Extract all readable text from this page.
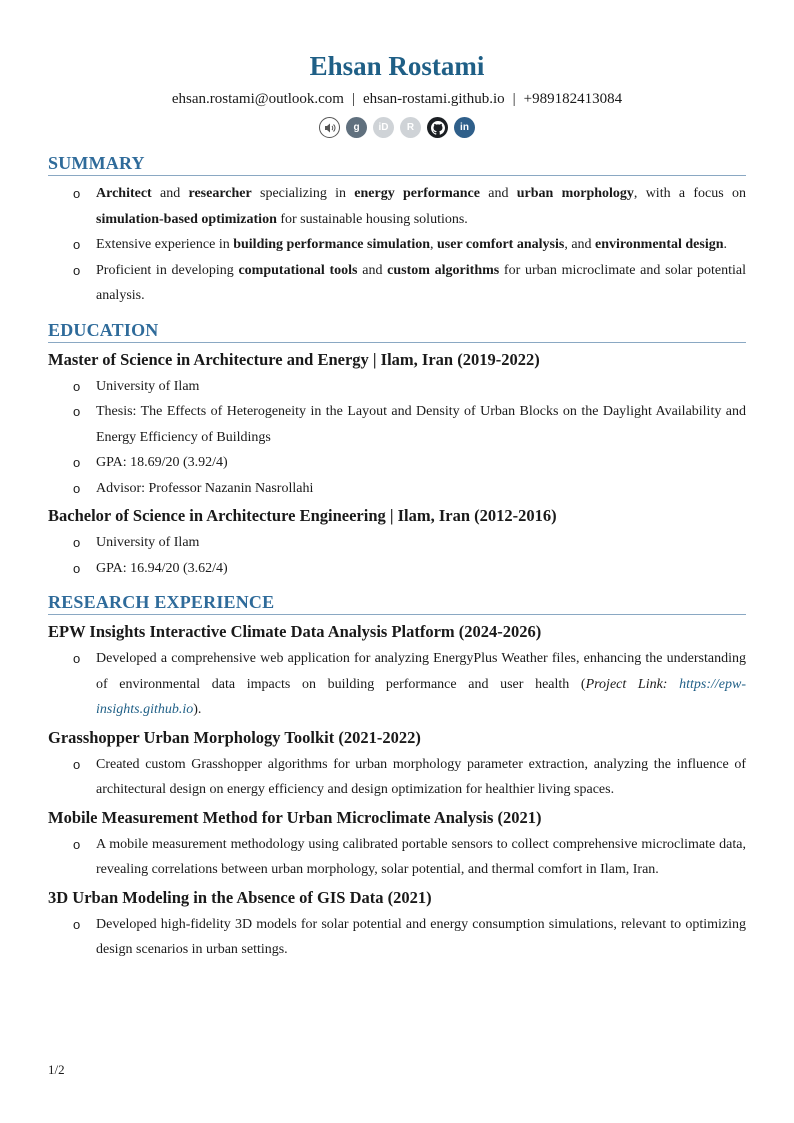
Ehsan Rostami
ehsan.rostami@outlook.com | ehsan-rostami.github.io | +989182413084
g	iD	R	in
SUMMARY
o Architect and researcher specializing in energy performance and urban morphology, with a focus on simulation-based optimization for sustainable housing solutions.
o Extensive experience in building performance simulation, user comfort analysis, and environmental design.
o Proficient in developing computational tools and custom algorithms for urban microclimate and solar potential analysis.
EDUCATION
Master of Science in Architecture and Energy | Ilam, Iran (2019-2022)
o University of Ilam
o Thesis: The Effects of Heterogeneity in the Layout and Density of Urban Blocks on the Daylight Availability and Energy Efficiency of Buildings
o GPA: 18.69/20 (3.92/4)
o Advisor: Professor Nazanin Nasrollahi
Bachelor of Science in Architecture Engineering | Ilam, Iran (2012-2016)
o University of Ilam
o GPA: 16.94/20 (3.62/4)
RESEARCH EXPERIENCE
EPW Insights Interactive Climate Data Analysis Platform (2024-2026)
o Developed a comprehensive web application for analyzing EnergyPlus Weather files, enhancing the understanding of environmental data impacts on building performance and user health (Project Link: https://epw-insights.github.io).
Grasshopper Urban Morphology Toolkit (2021-2022)
o Created custom Grasshopper algorithms for urban morphology parameter extraction, analyzing the influence of architectural design on energy efficiency and design optimization for healthier living spaces.
Mobile Measurement Method for Urban Microclimate Analysis (2021)
o A mobile measurement methodology using calibrated portable sensors to collect comprehensive microclimate data, revealing correlations between urban morphology, solar potential, and thermal comfort in Ilam, Iran.
3D Urban Modeling in the Absence of GIS Data (2021)
o Developed high-fidelity 3D models for solar potential and energy consumption simulations, relevant to optimizing design scenarios in urban settings.
1/2
